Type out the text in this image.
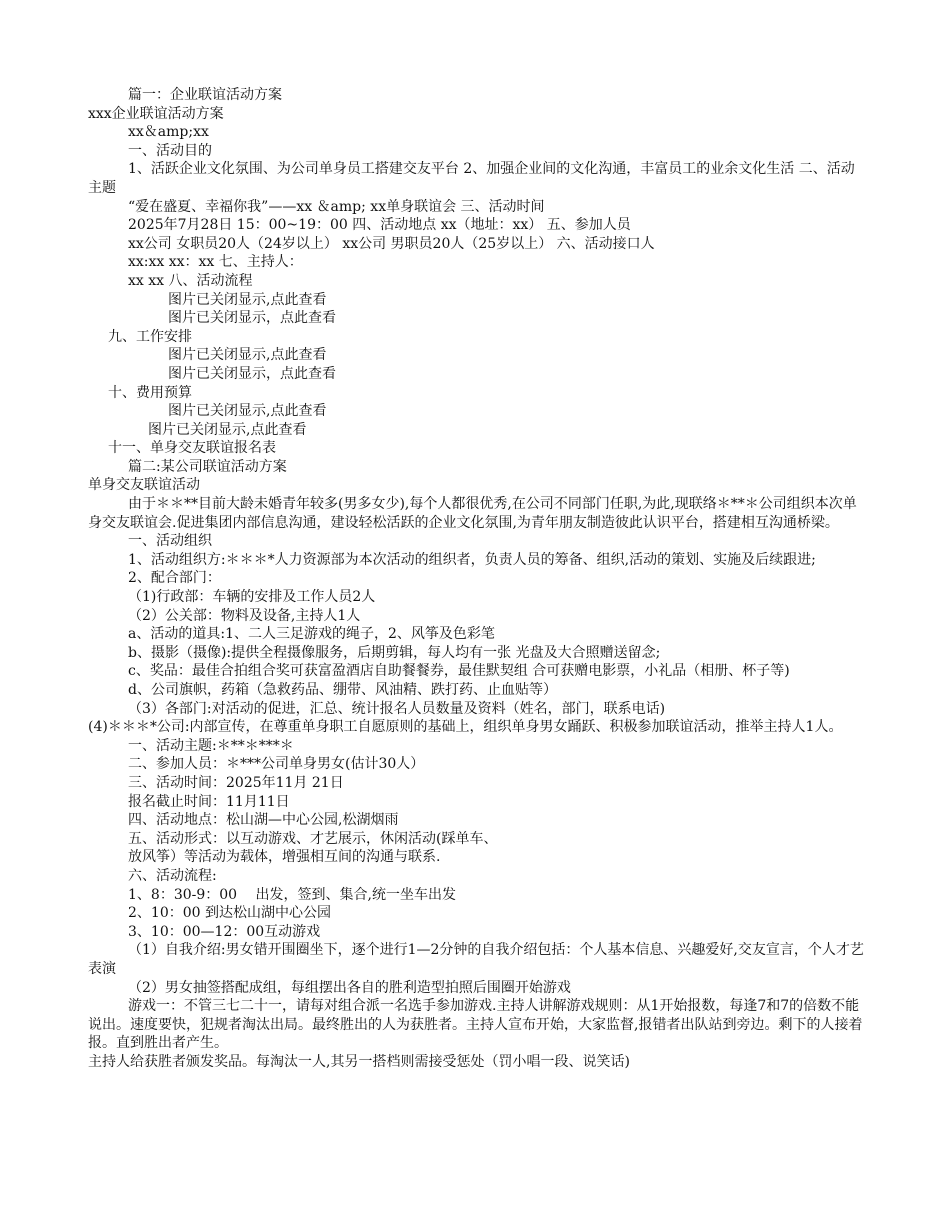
篇一：企业联谊活动方案
xxx企业联谊活动方案
xx＆amp;xx
一、活动目的
1、活跃企业文化氛围、为公司单身员工搭建交友平台 2、加强企业间的文化沟通，丰富员工的业余文化生活 二、活动主题
“爱在盛夏、幸福你我”——xx ＆amp; xx单身联谊会 三、活动时间
2025年7月28日 15：00~19：00 四、活动地点 xx（地址：xx） 五、参加人员
xx公司 女职员20人（24岁以上） xx公司 男职员20人（25岁以上） 六、活动接口人
xx:xx xx：xx 七、主持人：
xx xx 八、活动流程
图片已关闭显示,点此查看
图片已关闭显示，点此查看
九、工作安排
图片已关闭显示,点此查看
图片已关闭显示，点此查看
十、费用预算
图片已关闭显示,点此查看
图片已关闭显示,点此查看
十一、单身交友联谊报名表
篇二:某公司联谊活动方案
单身交友联谊活动
由于＊＊**目前大龄未婚青年较多(男多女少),每个人都很优秀,在公司不同部门任职,为此,现联络＊**＊公司组织本次单身交友联谊会.促进集团内部信息沟通，建设轻松活跃的企业文化氛围,为青年朋友制造彼此认识平台，搭建相互沟通桥梁。
一、活动组织
1、活动组织方:＊＊＊*人力资源部为本次活动的组织者，负责人员的筹备、组织,活动的策划、实施及后续跟进;
2、配合部门：
（1)行政部：车辆的安排及工作人员2人
（2）公关部：物料及设备,主持人1人
a、活动的道具:1、二人三足游戏的绳子，2、风筝及色彩笔
b、摄影（摄像):提供全程摄像服务，后期剪辑，每人均有一张 光盘及大合照赠送留念;
c、奖品：最佳合拍组合奖可获富盈酒店自助餐餐券，最佳默契组 合可获赠电影票，小礼品（相册、杯子等)
d、公司旗帜，药箱（急救药品、绷带、风油精、跌打药、止血贴等）
（3）各部门:对活动的促进，汇总、统计报名人员数量及资料（姓名，部门，联系电话)
(4)＊＊＊*公司:内部宣传，在尊重单身职工自愿原则的基础上，组织单身男女踊跃、积极参加联谊活动，推举主持人1人。
一、活动主题:＊**＊***＊
二、参加人员：＊***公司单身男女(估计30人）
三、活动时间：2025年11月 21日
报名截止时间：11月11日
四、活动地点：松山湖—中心公园,松湖烟雨
五、活动形式：以互动游戏、才艺展示，休闲活动(踩单车、
放风筝）等活动为载体，增强相互间的沟通与联系.
六、活动流程:
1、8：30-9：00　 出发，签到、集合,统一坐车出发
2、10：00 到达松山湖中心公园
3、10：00—12：00互动游戏
（1）自我介绍:男女错开围圈坐下，逐个进行1—2分钟的自我介绍包括：个人基本信息、兴趣爱好,交友宣言，个人才艺表演
（2）男女抽签搭配成组，每组摆出各自的胜利造型拍照后围圈开始游戏
游戏一：不管三七二十一，请每对组合派一名选手参加游戏.主持人讲解游戏规则：从1开始报数，每逢7和7的倍数不能说出。速度要快，犯规者淘汰出局。最终胜出的人为获胜者。主持人宣布开始，大家监督,报错者出队站到旁边。剩下的人接着报。直到胜出者产生。
主持人给获胜者颁发奖品。每淘汰一人,其另一搭档则需接受惩处（罚小唱一段、说笑话)
